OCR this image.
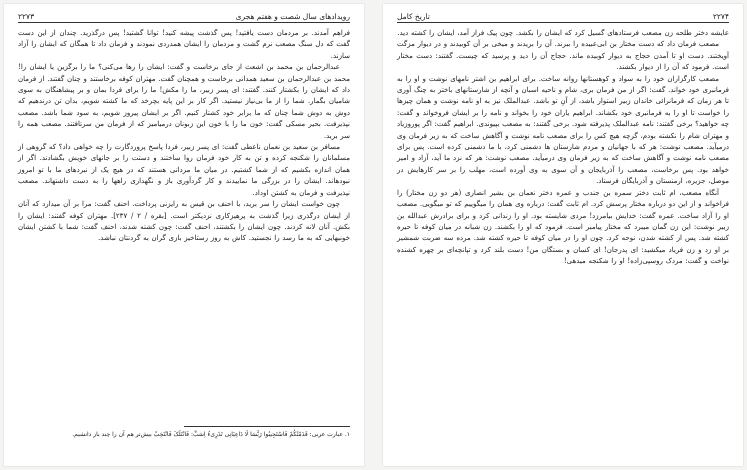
۲۲۷۳	رویدادهای سال شصت و هفتم هجری

فراهم آمدند. بر مردمان دست یافتید! پس گذشت پیشه کنید! توانا گشتید! پس درگذرید. چندان از این دست گفت که دل سنگ مصعب نرم گشت و مردمان را ایشان همدردی نمودند و فرمان داد تا همگان که ایشان را آزاد سازند.

عبدالرحمان بن محمد بن اشعث از جای برخاست و گفت: ایشان را رها می‌کنی؟ ما را برگزین یا ایشان را! محمد بن عبدالرحمان بن سعید همدانی برخاست و همچنان گفت. مهتران کوفه برخاستند و چنان گفتند. از فرمان داد که ایشان را بکشتار کنند. گفتند: ای پسر زبیر، ما را مکش! ما را برای فردا بمان و بر پیشاهنگان به سوی شامیان بگمار. شما را از ما بی‌نیاز نیستید. اگر کار بر این پایه بچرخد که ما کشته شویم، بدان تن درندهیم که دوش به دوش شما چنان که ما برابر خود کشتار کنیم. اگر بر ایشان پیروز شویم، به سود شما باشد. مصعب نپذیرفت. بحیر مسکی گفت: خون ما را با خون این زبونان درمیامیز که از فرمان من سرتافتند. مصعب همه را سر برید.

مسافر بن سعید بن نعمان ناعطی گفت: ای پسر زبیر، فردا پاسخ پروردگارت را چه خواهی داد؟ که گروهی از مسلمانان را شکنجه کرده و تن به کار خود فرمان روا ساختند و دستت را بر جانهای خویش بگشادند. اگر از همان اندازه بکشیم که از شما کشتیم. در میان ما مردانی هستند که در هیچ یک از نبردهای ما با تو امروز نبودهاند. ایشان را در بزرگی ما نماییدند و کار گردآوری باژ و نگهداری راهها را به دست داشتهاند. مصعب نپذیرفت و فرمان به کشتن اوداد.

چون خواست ایشان را سر برید، با احنف بن قیس به رایزنی پرداخت. احنف گفت: مرا بر آن میدارد که آنان از ایشان درگذری زیرا گذشت به پرهیزکاری نزدیکتر است. [بقره / ۲ / ۲۳۷]. مهتران کوفه گفتند: ایشان را بکش. آنان لانه کردند. چون ایشان را بکشتند، احنف گفت: چون کشته شدند، احنف گفت: شما با کشتن ایشان خونبهایی که به ما رسد را نجستید. کاش به روز رستاخیز بازی گران به گردنتان نباشد.

۱. عبارت عربی: قَدَمْتُکُمْ فَاسْتَجِیبُوا رَبَّسَا لَا دَاعِیَانِی تَذَرِیءُ اِسَبِّ: فَانْتَلَکَ فَانْتَخِبْ بیش‌تر هم آن را چند بار دانشیم.
تاریخ کامل	۲۲۷۴

عایشه دختر طلحه زن مصعب فرستادهای گسیل کرد که ایشان را بکشد. چون پیک فراز آمد، ایشان را کشته دید.

مصعب فرمان داد که دست مختار بن ابی‌عبیده را ببرند. آن را بریدند و میخی بر آن کوبیدند و در دیوار مزگت آویختند. دست او تا آمدن حجاج به دیوار کوبیده ماند. حجاج آن را دید و پرسید که چیست. گفتند: دست مختار است. فرمود که آن را از دیوار بکشند.

مصعب کارگزاران خود را به سواد و کوهستانها روانه ساخت. برای ابراهیم بن اشتر نامهای نوشت و او را به فرمانبری خود خواند. گفت: اگر از من فرمان بری، شام و ناحیه اسبان و آنچه از شارستانهای باختر به چنگ آوری تا هر زمان که فرمانرائی خاندان زبیر استوار باشد، از آنِ تو باشد. عبدالملک نیز به او نامه نوشت و همان چیزها را خواست تا او را به فرمانبری خود بکشاند. ابراهیم یاران خود را بخواند و نامه را بر ایشان فروخواند و گفت: چه خواهید؟ برخی گفتند: نامه عبدالملک پذیرفته شود. برخی گفتند: به مصعب بپیوندی. ابراهیم گفت: اگر پوروزیاد و مهتران شام را نکشته بودم، گرچه هیچ کس را برای مصعب نامه نوشت و آگاهش ساخت که به زیر فرمان وی درمیآید. مصعب نوشت: هر که با جهانیان و مردم شارستان ها دشمنی کرد، با ما دشمنی کرده است. پس برای مصعب نامه نوشت و آگاهش ساخت که به زیر فرمان وی درمیآید. مصعب نوشت: هر که نزد ما آید، آزاد و امیر خواهد بود. پس برخاست، مصعب را آذربایجان و آن سوی به وی آورده است، مهلب را بر سر کارهایش در موصل، جزیره، ارمنستان و آذربایگان فرستاد.

آنگاه مصعب، ام ثابت دختر سمره بن جندب و عمره دختر نعمان بن بشیر انصاری (هر دو زن مختار) را فراخواند و از این دو درباره مختار پرسش کرد. ام ثابت گفت: درباره وی همان را میگوییم که تو میگویی. مصعب او را آزاد ساخت. عمره گفت: خدایش بیامرزد! مردی شایسته بود. او را زندانی کرد و برای برادرش عبدالله بن زبیر نوشت: این زن گمان میبرد که مختار پیامبر است. فرمود که او را بکشند. زن شبانه در میان کوفه تا حیره کشته شد. پس از کشته شدن، نوحه کرد. چون او را در میان کوفه تا حیره کشته شد. مرده سه ضربت شمشیر بر او زد و زن فریاد میکشید: ای پدرجان! ای کسان و بستگان من! دست بلند کرد و تپانچه‌ای بر چهره کشنده نواخت و گفت: مردک روسپی‌زاده! او را شکنجه میدهی!
